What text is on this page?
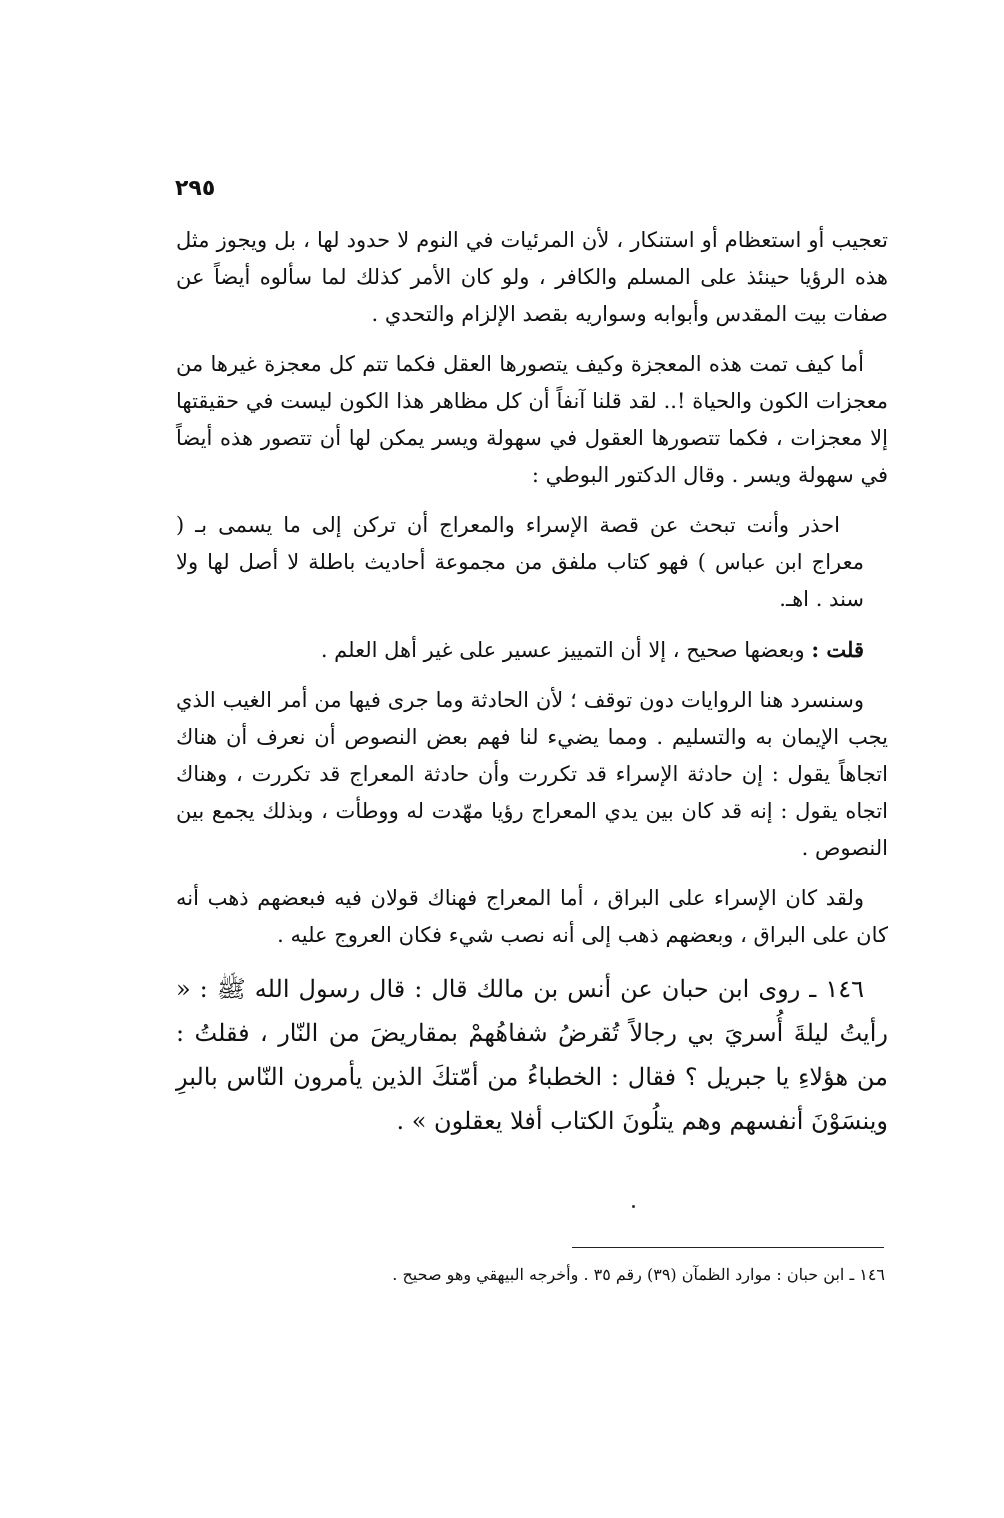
٢٩٥

تعجيب أو استعظام أو استنكار ، لأن المرئيات في النوم لا حدود لها ، بل ويجوز مثل هذه الرؤيا حينئذ على المسلم والكافر ، ولو كان الأمر كذلك لما سألوه أيضاً عن صفات بيت المقدس وأبوابه وسواريه بقصد الإلزام والتحدي .

أما كيف تمت هذه المعجزة وكيف يتصورها العقل فكما تتم كل معجزة غيرها من معجزات الكون والحياة !.. لقد قلنا آنفاً أن كل مظاهر هذا الكون ليست في حقيقتها إلا معجزات ، فكما تتصورها العقول في سهولة ويسر يمكن لها أن تتصور هذه أيضاً في سهولة ويسر . وقال الدكتور البوطي :

احذر وأنت تبحث عن قصة الإسراء والمعراج أن تركن إلى ما يسمى بـ ( معراج ابن عباس ) فهو كتاب ملفق من مجموعة أحاديث باطلة لا أصل لها ولا سند . اهـ.

قلت : وبعضها صحيح ، إلا أن التمييز عسير على غير أهل العلم .

وسنسرد هنا الروايات دون توقف ؛ لأن الحادثة وما جرى فيها من أمر الغيب الذي يجب الإيمان به والتسليم . ومما يضيء لنا فهم بعض النصوص أن نعرف أن هناك اتجاهاً يقول : إن حادثة الإسراء قد تكررت وأن حادثة المعراج قد تكررت ، وهناك اتجاه يقول : إنه قد كان بين يدي المعراج رؤيا مهّدت له ووطأت ، وبذلك يجمع بين النصوص .

ولقد كان الإسراء على البراق ، أما المعراج فهناك قولان فيه فبعضهم ذهب أنه كان على البراق ، وبعضهم ذهب إلى أنه نصب شيء فكان العروج عليه .

١٤٦ ـ روى ابن حبان عن أنس بن مالك قال : قال رسول الله ﷺ : « رأيتُ ليلةَ أُسريَ بي رجالاً تُقرضُ شفاهُهمْ بمقاريضَ من النّار ، فقلتُ : من هؤلاءِ يا جبريل ؟ فقال : الخطباءُ من أمّتكَ الذين يأمرون النّاس بالبرِ وينسَوْنَ أنفسهم وهم يتلُونَ الكتاب أفلا يعقلون » .

١٤٦ ـ ابن حبان : موارد الظمآن (٣٩) رقم ٣٥ . وأخرجه البيهقي وهو صحيح .
